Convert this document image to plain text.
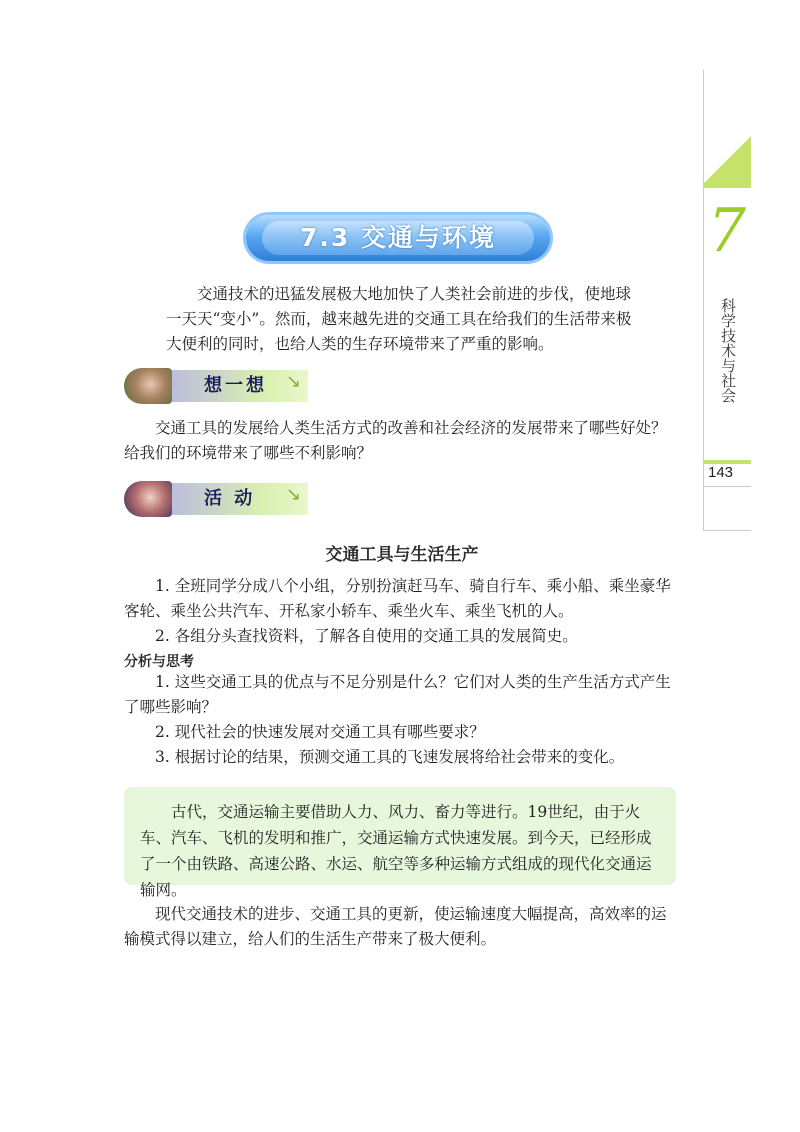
7
科学技术与社会
143
7.3 交通与环境

交通技术的迅猛发展极大地加快了人类社会前进的步伐，使地球一天天“变小”。然而，越来越先进的交通工具在给我们的生活带来极大便利的同时，也给人类的生存环境带来了严重的影响。

想一想	↘

交通工具的发展给人类生活方式的改善和社会经济的发展带来了哪些好处？给我们的环境带来了哪些不利影响？

活 动	↘
交通工具与生活生产

1. 全班同学分成八个小组，分别扮演赶马车、骑自行车、乘小船、乘坐豪华客轮、乘坐公共汽车、开私家小轿车、乘坐火车、乘坐飞机的人。

2. 各组分头查找资料，了解各自使用的交通工具的发展简史。

分析与思考

1. 这些交通工具的优点与不足分别是什么？它们对人类的生产生活方式产生了哪些影响？

2. 现代社会的快速发展对交通工具有哪些要求？

3. 根据讨论的结果，预测交通工具的飞速发展将给社会带来的变化。

古代，交通运输主要借助人力、风力、畜力等进行。19世纪，由于火车、汽车、飞机的发明和推广，交通运输方式快速发展。到今天，已经形成了一个由铁路、高速公路、水运、航空等多种运输方式组成的现代化交通运输网。

现代交通技术的进步、交通工具的更新，使运输速度大幅提高，高效率的运输模式得以建立，给人们的生活生产带来了极大便利。
